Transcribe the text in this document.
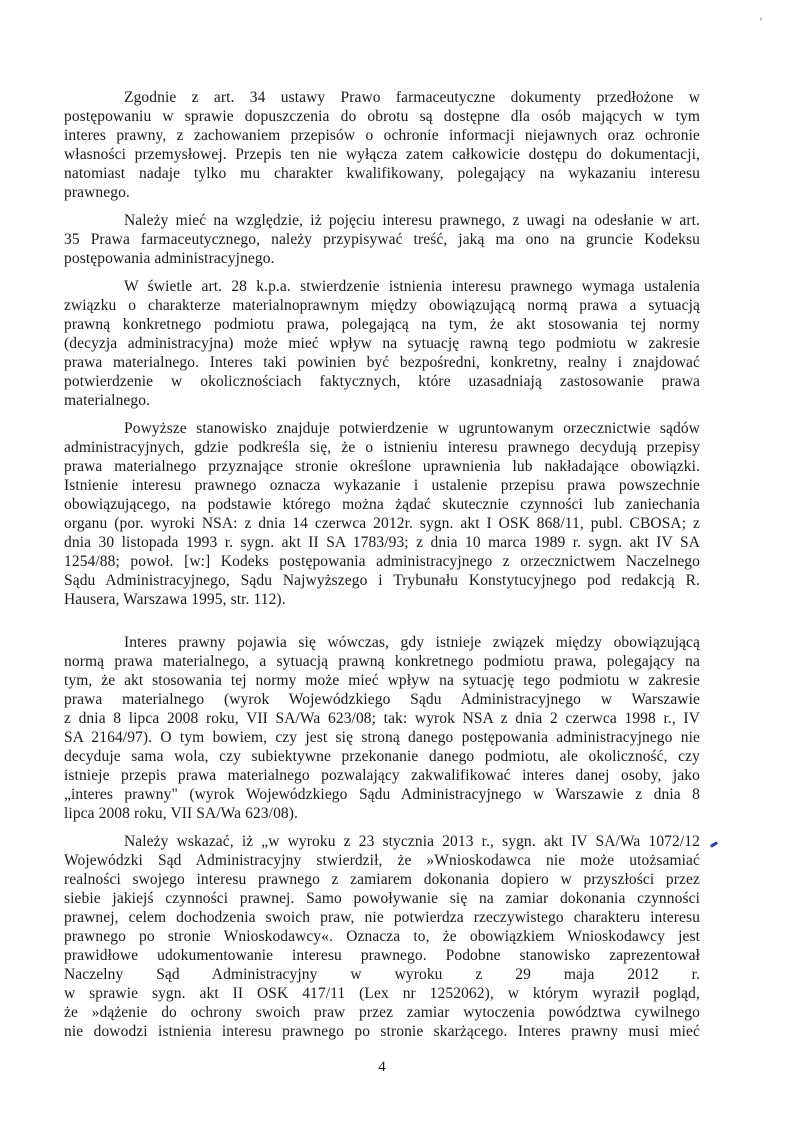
Zgodnie z art. 34 ustawy Prawo farmaceutyczne dokumenty przedłożone w
postępowaniu w sprawie dopuszczenia do obrotu są dostępne dla osób mających w tym
interes prawny, z zachowaniem przepisów o ochronie informacji niejawnych oraz ochronie
własności przemysłowej. Przepis ten nie wyłącza zatem całkowicie dostępu do dokumentacji,
natomiast nadaje tylko mu charakter kwalifikowany, polegający na wykazaniu interesu
prawnego.
Należy mieć na względzie, iż pojęciu interesu prawnego, z uwagi na odesłanie w art.
35 Prawa farmaceutycznego, należy przypisywać treść, jaką ma ono na gruncie Kodeksu
postępowania administracyjnego.
W świetle art. 28 k.p.a. stwierdzenie istnienia interesu prawnego wymaga ustalenia
związku o charakterze materialnoprawnym między obowiązującą normą prawa a sytuacją
prawną konkretnego podmiotu prawa, polegającą na tym, że akt stosowania tej normy
(decyzja administracyjna) może mieć wpływ na sytuację rawną tego podmiotu w zakresie
prawa materialnego. Interes taki powinien być bezpośredni, konkretny, realny i znajdować
potwierdzenie w okolicznościach faktycznych, które uzasadniają zastosowanie prawa
materialnego.
Powyższe stanowisko znajduje potwierdzenie w ugruntowanym orzecznictwie sądów
administracyjnych, gdzie podkreśla się, że o istnieniu interesu prawnego decydują przepisy
prawa materialnego przyznające stronie określone uprawnienia lub nakładające obowiązki.
Istnienie interesu prawnego oznacza wykazanie i ustalenie przepisu prawa powszechnie
obowiązującego, na podstawie którego można żądać skutecznie czynności lub zaniechania
organu (por. wyroki NSA: z dnia 14 czerwca 2012r. sygn. akt I OSK 868/11, publ. CBOSA; z
dnia 30 listopada 1993 r. sygn. akt II SA 1783/93; z dnia 10 marca 1989 r. sygn. akt IV SA
1254/88; powoł. [w:] Kodeks postępowania administracyjnego z orzecznictwem Naczelnego
Sądu Administracyjnego, Sądu Najwyższego i Trybunału Konstytucyjnego pod redakcją R.
Hausera, Warszawa 1995, str. 112).
Interes prawny pojawia się wówczas, gdy istnieje związek między obowiązującą
normą prawa materialnego, a sytuacją prawną konkretnego podmiotu prawa, polegający na
tym, że akt stosowania tej normy może mieć wpływ na sytuację tego podmiotu w zakresie
prawa materialnego (wyrok Wojewódzkiego Sądu Administracyjnego w Warszawie
z dnia 8 lipca 2008 roku, VII SA/Wa 623/08; tak: wyrok NSA z dnia 2 czerwca 1998 r., IV
SA 2164/97). O tym bowiem, czy jest się stroną danego postępowania administracyjnego nie
decyduje sama wola, czy subiektywne przekonanie danego podmiotu, ale okoliczność, czy
istnieje przepis prawa materialnego pozwalający zakwalifikować interes danej osoby, jako
„interes prawny" (wyrok Wojewódzkiego Sądu Administracyjnego w Warszawie z dnia 8
lipca 2008 roku, VII SA/Wa 623/08).
Należy wskazać, iż „w wyroku z 23 stycznia 2013 r., sygn. akt IV SA/Wa 1072/12
Wojewódzki Sąd Administracyjny stwierdził, że »Wnioskodawca nie może utożsamiać
realności swojego interesu prawnego z zamiarem dokonania dopiero w przyszłości przez
siebie jakiejś czynności prawnej. Samo powoływanie się na zamiar dokonania czynności
prawnej, celem dochodzenia swoich praw, nie potwierdza rzeczywistego charakteru interesu
prawnego po stronie Wnioskodawcy«. Oznacza to, że obowiązkiem Wnioskodawcy jest
prawidłowe udokumentowanie interesu prawnego. Podobne stanowisko zaprezentował
Naczelny Sąd Administracyjny w wyroku z 29 maja 2012 r.
w sprawie sygn. akt II OSK 417/11 (Lex nr 1252062), w którym wyraził pogląd,
że »dążenie do ochrony swoich praw przez zamiar wytoczenia powództwa cywilnego
nie dowodzi istnienia interesu prawnego po stronie skarżącego. Interes prawny musi mieć
4
